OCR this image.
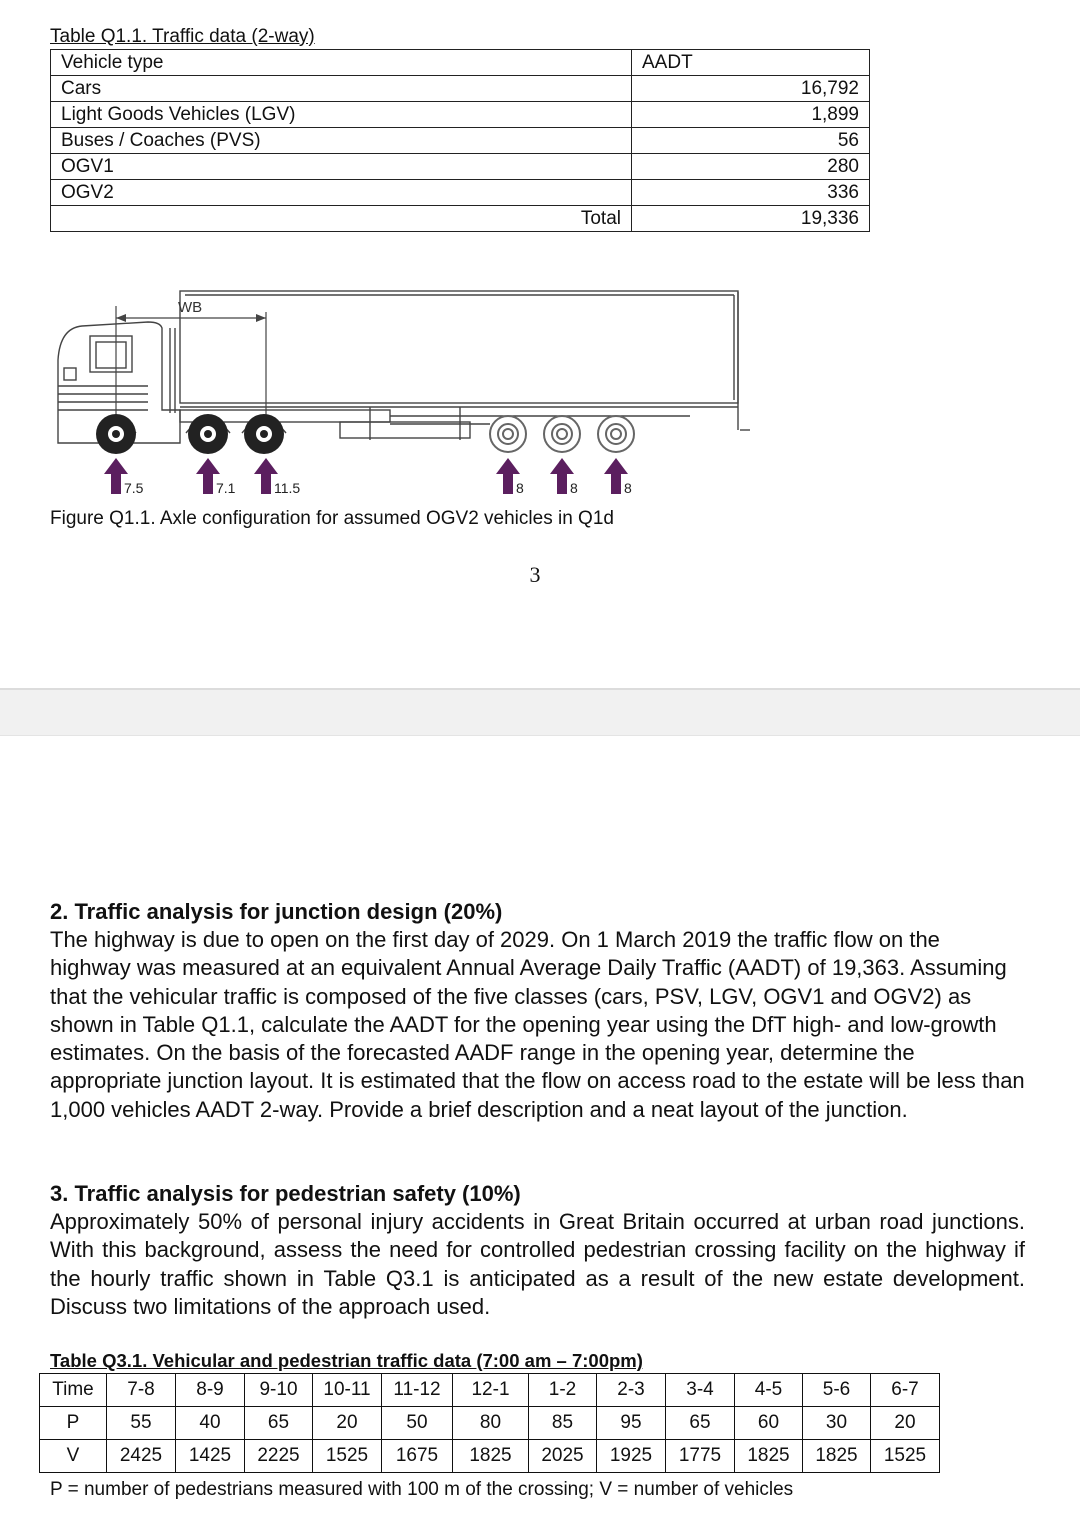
Table Q1.1. Traffic data (2-way)
Vehicle type	AADT
Cars	16,792
Light Goods Vehicles (LGV)	1,899
Buses / Coaches (PVS)	56
OGV1	280
OGV2	336
Total	19,336
WB
7.5	7.1	11.5	8	8	8
Figure Q1.1. Axle configuration for assumed OGV2 vehicles in Q1d
3
2. Traffic analysis for junction design (20%)

The highway is due to open on the first day of 2029. On 1 March 2019 the traffic flow on the highway was measured at an equivalent Annual Average Daily Traffic (AADT) of 19,363. Assuming that the vehicular traffic is composed of the five classes (cars, PSV, LGV, OGV1 and OGV2) as shown in Table Q1.1, calculate the AADT for the opening year using the DfT high- and low-growth estimates. On the basis of the forecasted AADF range in the opening year, determine the appropriate junction layout. It is estimated that the flow on access road to the estate will be less than 1,000 vehicles AADT 2-way. Provide a brief description and a neat layout of the junction.

3. Traffic analysis for pedestrian safety (10%)

Approximately 50% of personal injury accidents in Great Britain occurred at urban road junctions. With this background, assess the need for controlled pedestrian crossing facility on the highway if the hourly traffic shown in Table Q3.1 is anticipated as a result of the new estate development. Discuss two limitations of the approach used.

Table Q3.1. Vehicular and pedestrian traffic data (7:00 am – 7:00pm)
Time	7-8	8-9	9-10	10-11	11-12	12-1	1-2	2-3	3-4	4-5	5-6	6-7
P	55	40	65	20	50	80	85	95	65	60	30	20
V	2425	1425	2225	1525	1675	1825	2025	1925	1775	1825	1825	1525
P = number of pedestrians measured with 100 m of the crossing; V = number of vehicles
